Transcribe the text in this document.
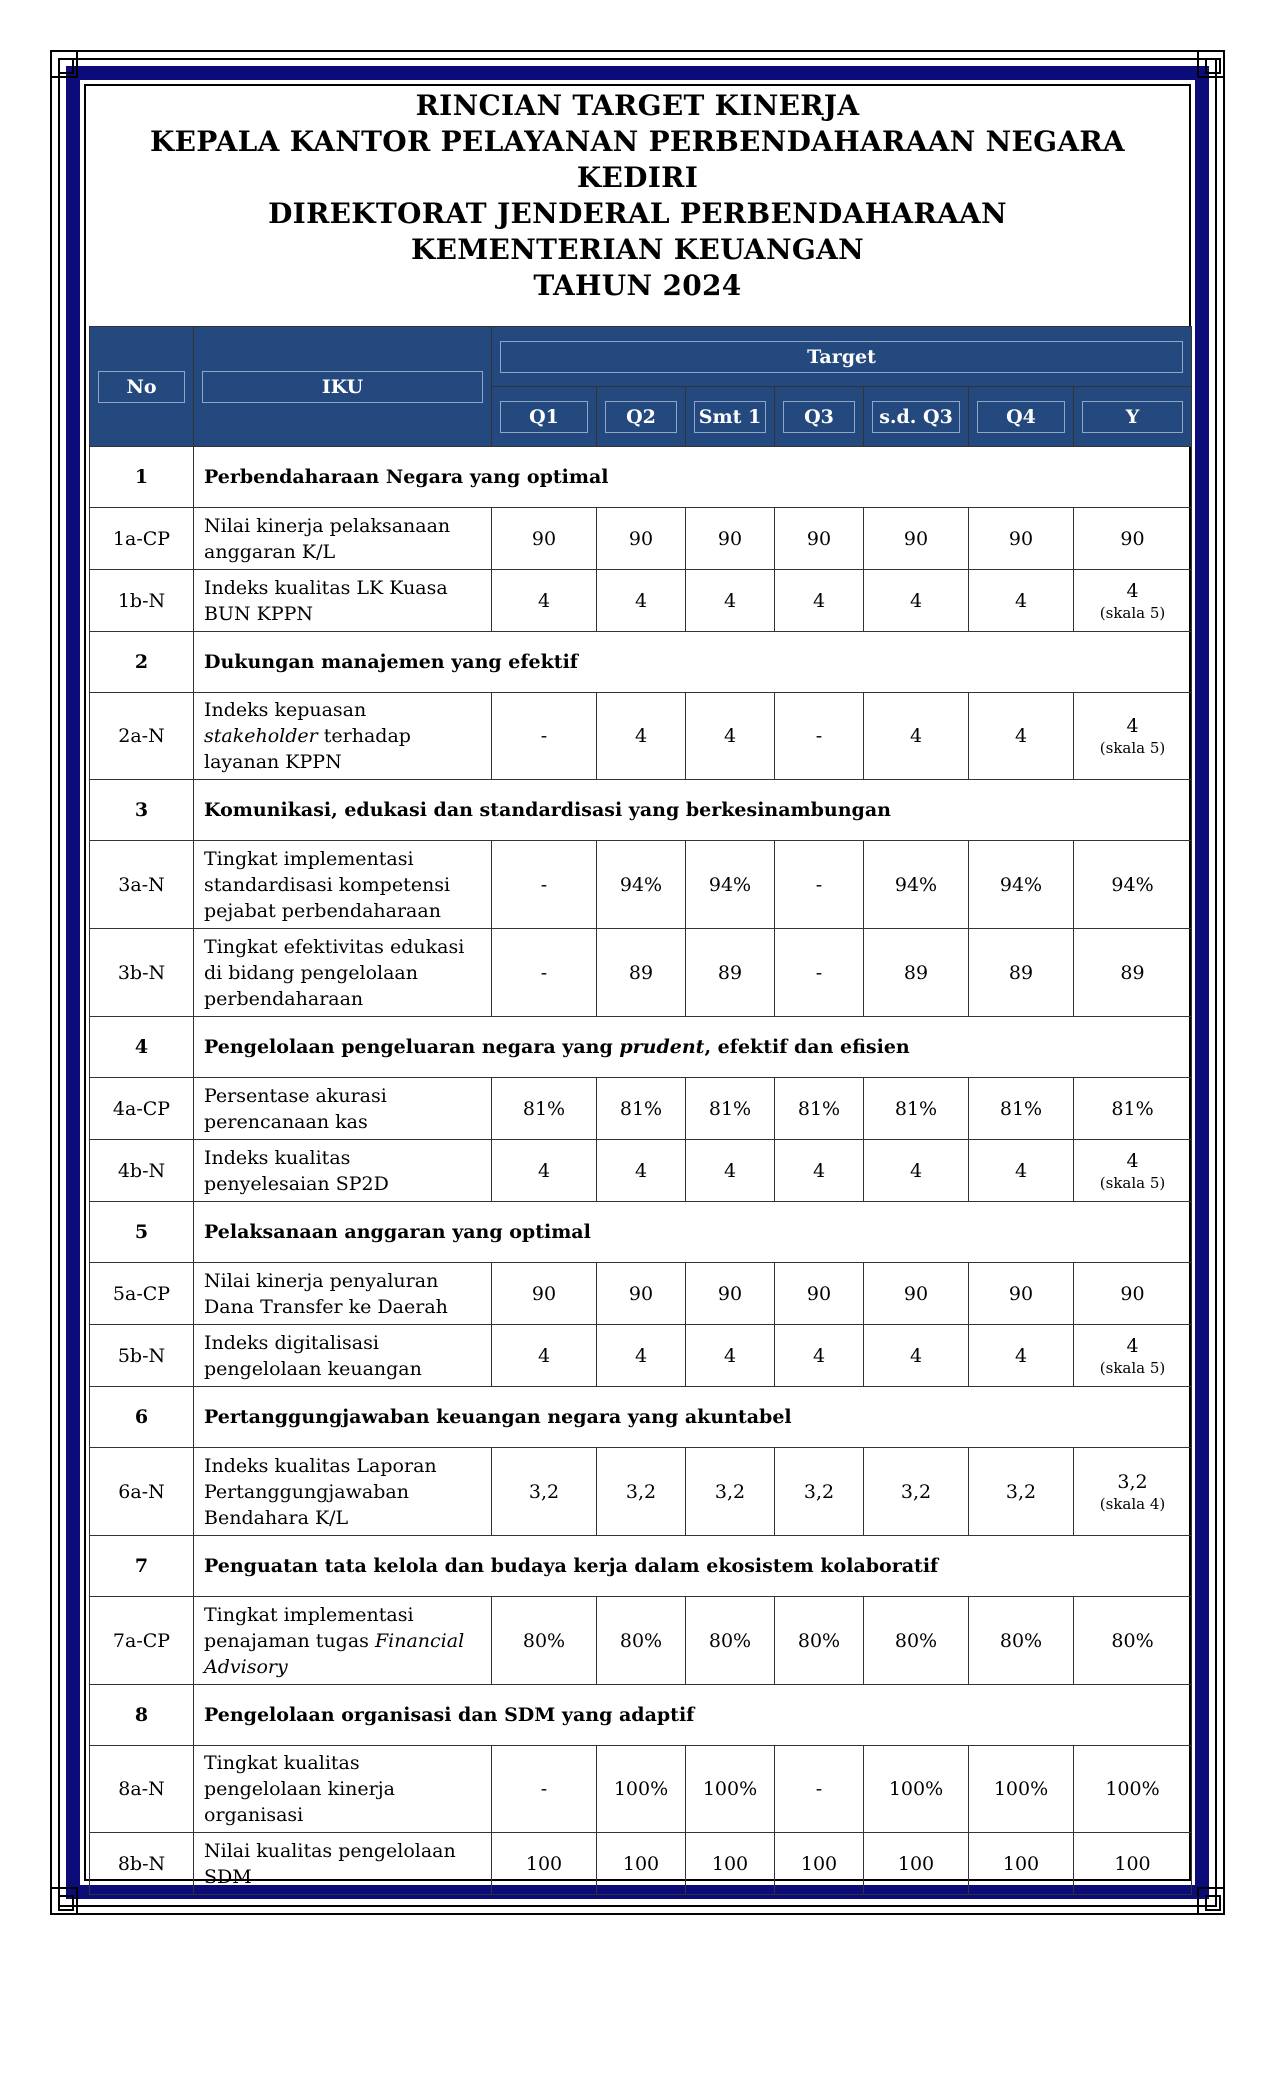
RINCIAN TARGET KINERJA
KEPALA KANTOR PELAYANAN PERBENDAHARAAN NEGARA
KEDIRI
DIREKTORAT JENDERAL PERBENDAHARAAN
KEMENTERIAN KEUANGAN
TAHUN 2024
No	IKU	Target						

		Q1	Q2	Smt 1	Q3	s.d. Q3	Q4	Y

1	Perbendaharaan Negara yang optimal							
1a-CP	Nilai kinerja pelaksanaan anggaran K/L	90	90	90	90	90	90	90
1b-N	Indeks kualitas LK Kuasa BUN KPPN	4	4	4	4	4	4	4
(skala 5)

2	Dukungan manajemen yang efektif							
2a-N	Indeks kepuasan stakeholder terhadap layanan KPPN	-	4	4	-	4	4	4
(skala 5)

3	Komunikasi, edukasi dan standardisasi yang berkesinambungan							
3a-N	Tingkat implementasi standardisasi kompetensi pejabat perbendaharaan	-	94%	94%	-	94%	94%	94%
3b-N	Tingkat efektivitas edukasi di bidang pengelolaan perbendaharaan	-	89	89	-	89	89	89
4	Pengelolaan pengeluaran negara yang prudent, efektif dan efisien							
4a-CP	Persentase akurasi perencanaan kas	81%	81%	81%	81%	81%	81%	81%
4b-N	Indeks kualitas penyelesaian SP2D	4	4	4	4	4	4	4
(skala 5)

5	Pelaksanaan anggaran yang optimal							
5a-CP	Nilai kinerja penyaluran Dana Transfer ke Daerah	90	90	90	90	90	90	90
5b-N	Indeks digitalisasi pengelolaan keuangan	4	4	4	4	4	4	4
(skala 5)

6	Pertanggungjawaban keuangan negara yang akuntabel							
6a-N	Indeks kualitas Laporan Pertanggungjawaban Bendahara K/L	3,2	3,2	3,2	3,2	3,2	3,2	3,2
(skala 4)

7	Penguatan tata kelola dan budaya kerja dalam ekosistem kolaboratif							
7a-CP	Tingkat implementasi penajaman tugas Financial Advisory	80%	80%	80%	80%	80%	80%	80%
8	Pengelolaan organisasi dan SDM yang adaptif							
8a-N	Tingkat kualitas pengelolaan kinerja organisasi	-	100%	100%	-	100%	100%	100%
8b-N	Nilai kualitas pengelolaan SDM	100	100	100	100	100	100	100
